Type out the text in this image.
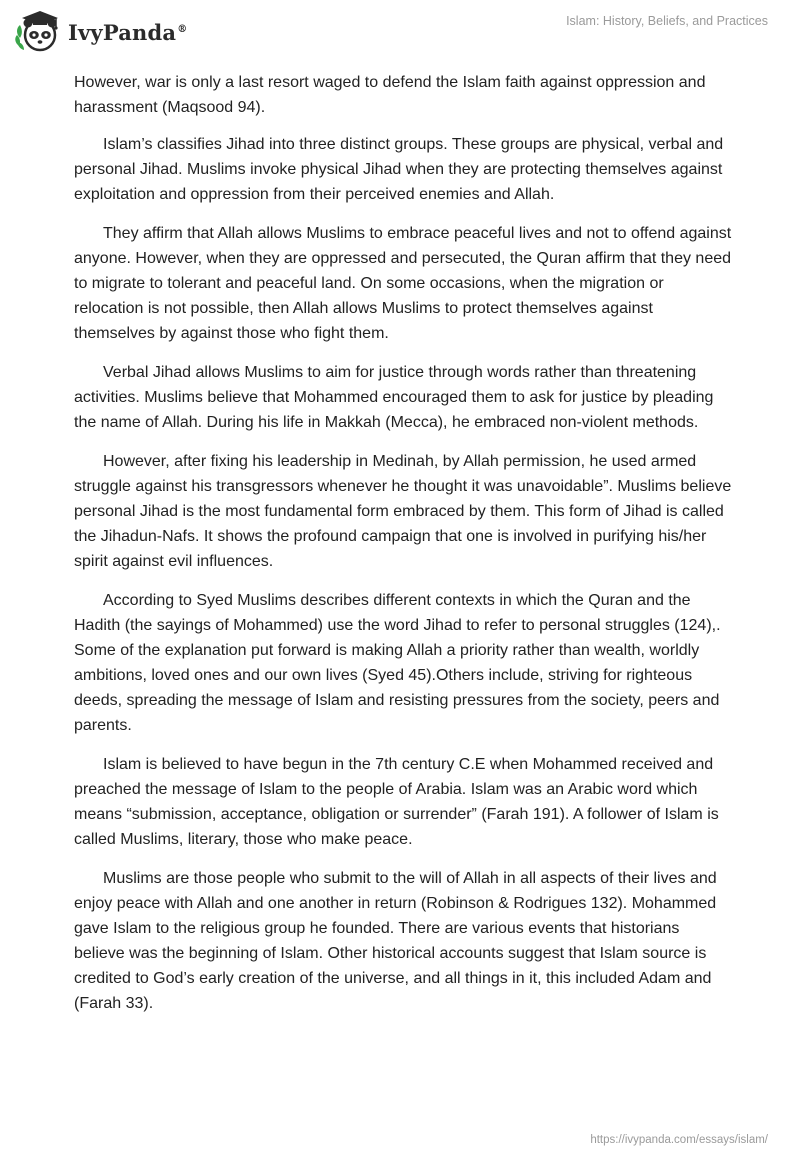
IvyPanda®
Islam: History, Beliefs, and Practices

However, war is only a last resort waged to defend the Islam faith against oppression and harassment (Maqsood 94).

Islam’s classifies Jihad into three distinct groups. These groups are physical, verbal and personal Jihad. Muslims invoke physical Jihad when they are protecting themselves against exploitation and oppression from their perceived enemies and Allah.

They affirm that Allah allows Muslims to embrace peaceful lives and not to offend against anyone. However, when they are oppressed and persecuted, the Quran affirm that they need to migrate to tolerant and peaceful land. On some occasions, when the migration or relocation is not possible, then Allah allows Muslims to protect themselves against themselves by against those who fight them.

Verbal Jihad allows Muslims to aim for justice through words rather than threatening activities. Muslims believe that Mohammed encouraged them to ask for justice by pleading the name of Allah. During his life in Makkah (Mecca), he embraced non-violent methods.

However, after fixing his leadership in Medinah, by Allah permission, he used armed struggle against his transgressors whenever he thought it was unavoidable”. Muslims believe personal Jihad is the most fundamental form embraced by them. This form of Jihad is called the Jihadun-Nafs. It shows the profound campaign that one is involved in purifying his/her spirit against evil influences.

According to Syed Muslims describes different contexts in which the Quran and the Hadith (the sayings of Mohammed) use the word Jihad to refer to personal struggles (124),. Some of the explanation put forward is making Allah a priority rather than wealth, worldly ambitions, loved ones and our own lives (Syed 45).Others include, striving for righteous deeds, spreading the message of Islam and resisting pressures from the society, peers and parents.

Islam is believed to have begun in the 7th century C.E when Mohammed received and preached the message of Islam to the people of Arabia. Islam was an Arabic word which means “submission, acceptance, obligation or surrender” (Farah 191). A follower of Islam is called Muslims, literary, those who make peace.

Muslims are those people who submit to the will of Allah in all aspects of their lives and enjoy peace with Allah and one another in return (Robinson & Rodrigues 132). Mohammed gave Islam to the religious group he founded. There are various events that historians believe was the beginning of Islam. Other historical accounts suggest that Islam source is credited to God’s early creation of the universe, and all things in it, this included Adam and (Farah 33).

https://ivypanda.com/essays/islam/
